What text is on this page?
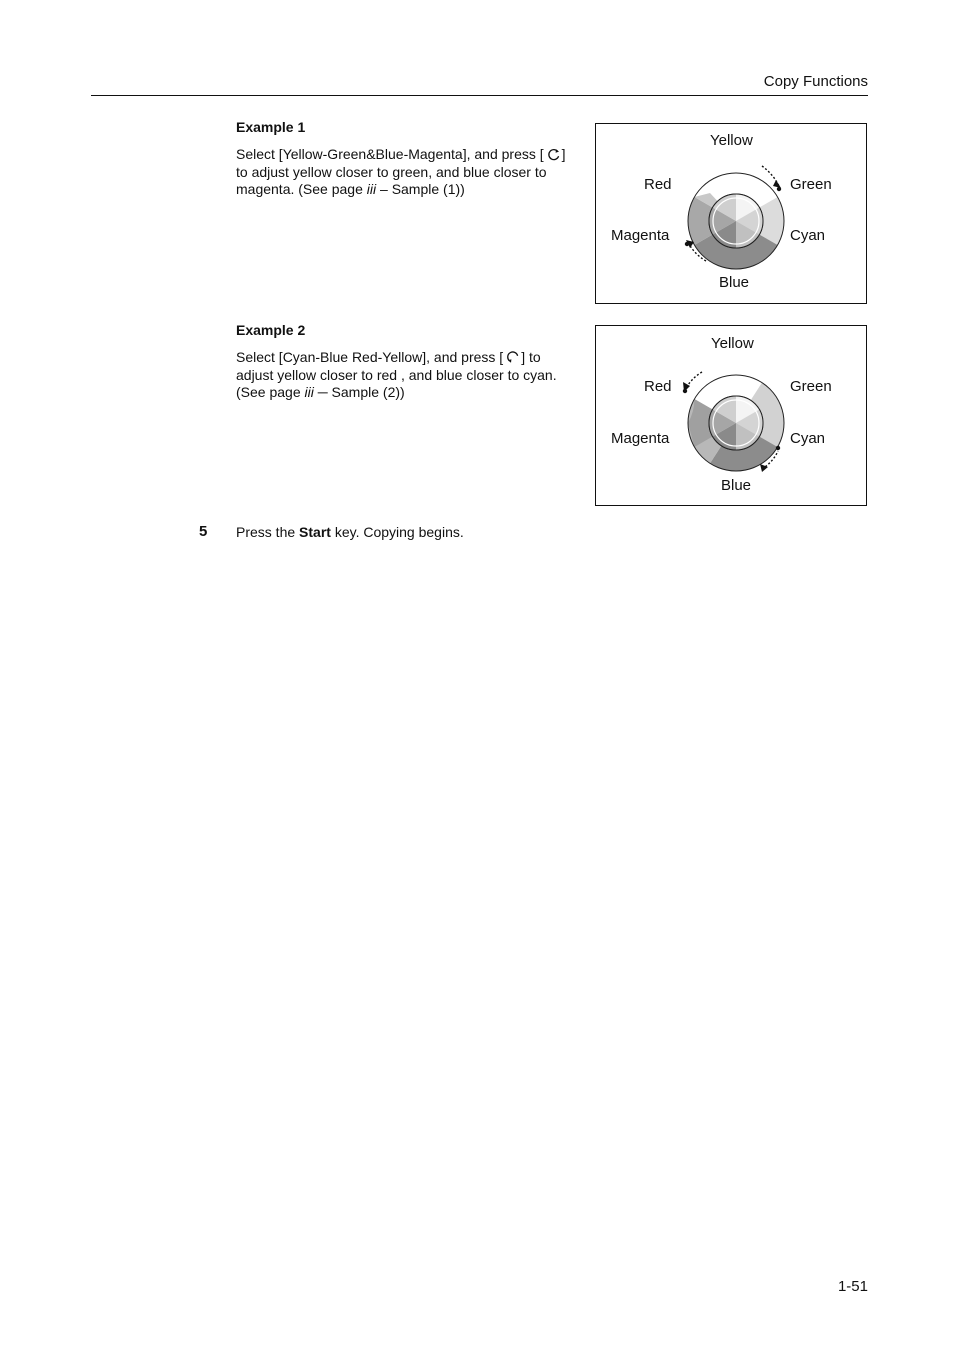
Copy Functions
Example 1
Select [Yellow-Green&Blue-Magenta], and press [ ]
to adjust yellow closer to green, and blue closer to magenta. (See page iii – Sample (1))
Yellow
Red	Green
Magenta	Cyan
Blue
Example 2
Select [Cyan-Blue Red-Yellow], and press [ ] to adjust yellow closer to red , and blue closer to cyan. (See page iii ─ Sample (2))
Yellow
Red	Green
Magenta	Cyan
Blue
5 Press the Start key. Copying begins.
1-51
